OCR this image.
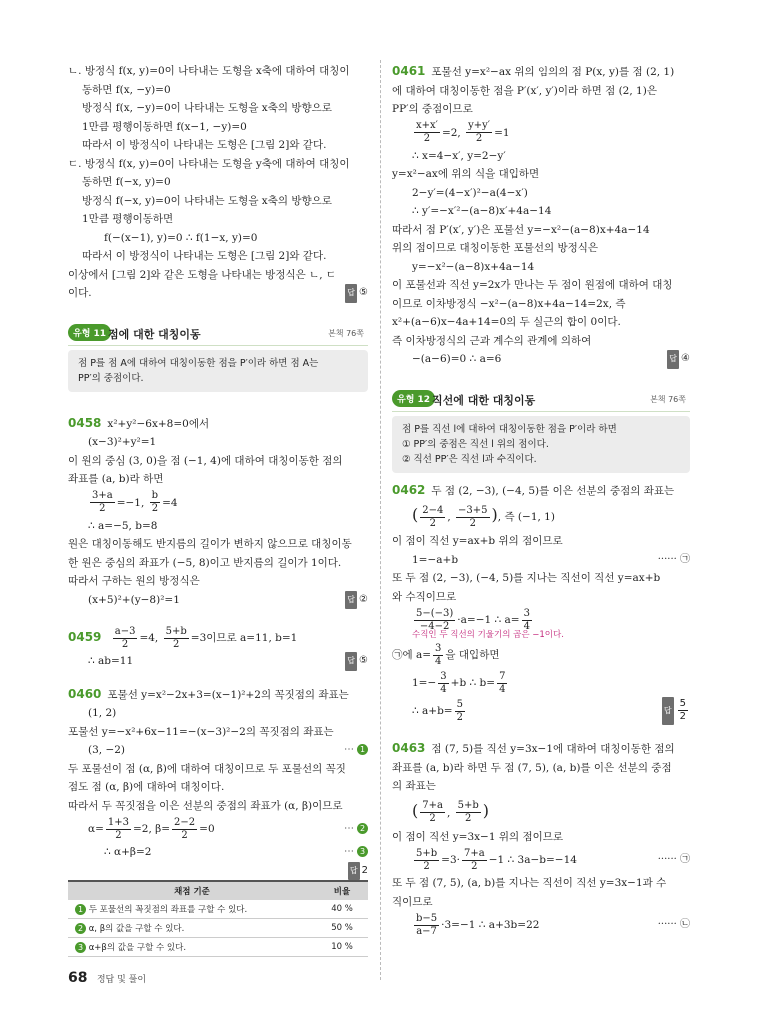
ㄴ. 방정식 f(x, y)=0이 나타내는 도형을 x축에 대하여 대칭이
동하면 f(x, −y)=0
방정식 f(x, −y)=0이 나타내는 도형을 x축의 방향으로
1만큼 평행이동하면 f(x−1, −y)=0
따라서 이 방정식이 나타내는 도형은 [그림 2]와 같다.
ㄷ. 방정식 f(x, y)=0이 나타내는 도형을 y축에 대하여 대칭이
동하면 f(−x, y)=0
방정식 f(−x, y)=0이 나타내는 도형을 x축의 방향으로
1만큼 평행이동하면
f(−(x−1), y)=0 ∴ f(1−x, y)=0
따라서 이 방정식이 나타내는 도형은 [그림 2]와 같다.
이상에서 [그림 2]와 같은 도형을 나타내는 방정식은 ㄴ, ㄷ
이다.	답 ⑤
유형 11 점에 대한 대칭이동	본책 76쪽
점 P를 점 A에 대하여 대칭이동한 점을 P′이라 하면 점 A는
PP′의 중점이다.
0458 x²+y²−6x+8=0에서
(x−3)²+y²=1
이 원의 중심 (3, 0)을 점 (−1, 4)에 대하여 대칭이동한 점의
좌표를 (a, b)라 하면
$\frac{3+a}{2} =-1$, $\frac{b}{2} =4$
∴ a=−5, b=8
원은 대칭이동해도 반지름의 길이가 변하지 않으므로 대칭이동
한 원은 중심의 좌표가 (−5, 8)이고 반지름의 길이가 1이다.
따라서 구하는 원의 방정식은
(x+5)²+(y−8)²=1	답 ②
$0459 \frac{a-3}{2} =4$, $\frac{5+b}{2} =3$이므로 a=11, b=1
∴ ab=11	답 ⑤
0460 포물선 y=x²−2x+3=(x−1)²+2의 꼭짓점의 좌표는
(1, 2)
포물선 y=−x²+6x−11=−(x−3)²−2의 꼭짓점의 좌표는
(3, −2)	⋯ 1
두 포물선이 점 (α, β)에 대하여 대칭이므로 두 포물선의 꼭짓
점도 점 (α, β)에 대하여 대칭이다.
따라서 두 꼭짓점을 이은 선분의 중점의 좌표가 (α, β)이므로
$\alpha= \frac{1+3}{2} =2$, $\beta= \frac{2-2}{2} =0$	⋯ 2
∴ α+β=2	⋯ 3
답 2
채점 기준	비율
1 두 포물선의 꼭짓점의 좌표를 구할 수 있다.	40 %
2 α, β의 값을 구할 수 있다.	50 %
3 α+β의 값을 구할 수 있다.	10 %
0461 포물선 y=x²−ax 위의 임의의 점 P(x, y)를 점 (2, 1)
에 대하여 대칭이동한 점을 P′(x′, y′)이라 하면 점 (2, 1)은
PP′의 중점이므로
$\frac{x+x'}{2} =2$, $\frac{y+y'}{2} =1$
∴ x=4−x′, y=2−y′
y=x²−ax에 위의 식을 대입하면
2−y′=(4−x′)²−a(4−x′)
∴ y′=−x′²−(a−8)x′+4a−14
따라서 점 P′(x′, y′)은 포물선 y=−x²−(a−8)x+4a−14
위의 점이므로 대칭이동한 포물선의 방정식은
y=−x²−(a−8)x+4a−14
이 포물선과 직선 y=2x가 만나는 두 점이 원점에 대하여 대칭
이므로 이차방정식 −x²−(a−8)x+4a−14=2x, 즉
x²+(a−6)x−4a+14=0의 두 실근의 합이 0이다.
즉 이차방정식의 근과 계수의 관계에 의하여
−(a−6)=0 ∴ a=6	답 ④
유형 12 직선에 대한 대칭이동	본책 76쪽
점 P를 직선 l에 대하여 대칭이동한 점을 P′이라 하면
① PP′의 중점은 직선 l 위의 점이다.
② 직선 PP′은 직선 l과 수직이다.
0462 두 점 (2, −3), (−4, 5)를 이은 선분의 중점의 좌표는
( $\frac{2-4}{2}$ , $\frac{-3+5}{2}$ ), 즉 (−1, 1)
이 점이 직선 y=ax+b 위의 점이므로
1=−a+b	······ ㉠
또 두 점 (2, −3), (−4, 5)를 지나는 직선이 직선 y=ax+b
와 수직이므로
$\frac{5-(-3)}{-4-2} \cdot a=-1$ ∴ $a= \frac{3}{4}$
수직인 두 직선의 기울기의 곱은 −1이다.
㉠에 $a= \frac{3}{4}$ 을 대입하면
$1=- \frac{3}{4} +b$ ∴ $b= \frac{7}{4}$
∴ $a+b= \frac{5}{2}$	답 $\frac{5}{2}$
0463 점 (7, 5)를 직선 y=3x−1에 대하여 대칭이동한 점의
좌표를 (a, b)라 하면 두 점 (7, 5), (a, b)를 이은 선분의 중점
의 좌표는
( $\frac{7+a}{2}$ , $\frac{5+b}{2}$ )
이 점이 직선 y=3x−1 위의 점이므로
$\frac{5+b}{2} =3\cdot \frac{7+a}{2} -1$ ∴ 3a−b=−14	······ ㉠
또 두 점 (7, 5), (a, b)를 지나는 직선이 직선 y=3x−1과 수
직이므로
$\frac{b-5}{a-7} \cdot 3=-1$ ∴ a+3b=22	······ ㉡
68 정답 및 풀이
